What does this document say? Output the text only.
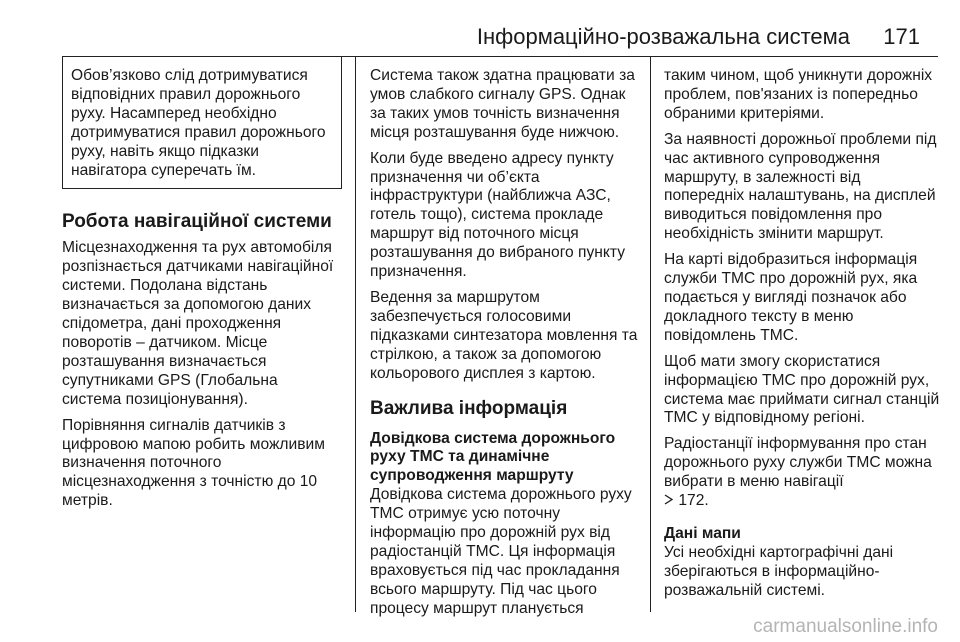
Інформаційно-розважальна система 171

Обов’язково слід дотримуватися відповідних правил дорожнього руху. Насамперед необхідно дотримуватися правил дорожнього руху, навіть якщо підказки навігатора суперечать їм.

Робота навігаційної системи

Місцезнаходження та рух автомобіля розпізнається датчиками навігаційної системи. Подолана відстань визначається за допомогою даних спідометра, дані проходження поворотів – датчиком. Місце розташування визначається супутниками GPS (Глобальна система позиціонування).

Порівняння сигналів датчиків з цифровою мапою робить можливим визначення поточного місцезнаходження з точністю до 10 метрів.

Система також здатна працювати за умов слабкого сигналу GPS. Однак за таких умов точність визначення місця розташування буде нижчою.

Коли буде введено адресу пункту призначення чи об’єкта інфраструктури (найближча АЗС, готель тощо), система прокладе маршрут від поточного місця розташування до вибраного пункту призначення.

Ведення за маршрутом забезпечується голосовими підказками синтезатора мовлення та стрілкою, а також за допомогою кольорового дисплея з картою.

Важлива інформація
Довідкова система дорожнього руху TMC та динамічне супроводження маршруту

Довідкова система дорожнього руху TMC отримує усю поточну інформацію про дорожній рух від радіостанцій TMC. Ця інформація враховується під час прокладання всього маршруту. Під час цього процесу маршрут планується

таким чином, щоб уникнути дорожніх проблем, пов'язаних із попередньо обраними критеріями.

За наявності дорожньої проблеми під час активного супроводження маршруту, в залежності від попередніх налаштувань, на дисплей виводиться повідомлення про необхідність змінити маршрут.

На карті відобразиться інформація служби TMC про дорожній рух, яка подається у вигляді позначок або докладного тексту в меню повідомлень TMC.

Щоб мати змогу скористатися інформацією TMC про дорожній рух, система має приймати сигнал станцій TMC у відповідному регіоні.

Радіостанції інформування про стан дорожнього руху служби TMC можна вибрати в меню навігації
172.

Дані мапи

Усі необхідні картографічні дані зберігаються в інформаційно-розважальній системі.

carmanualsonline.info
